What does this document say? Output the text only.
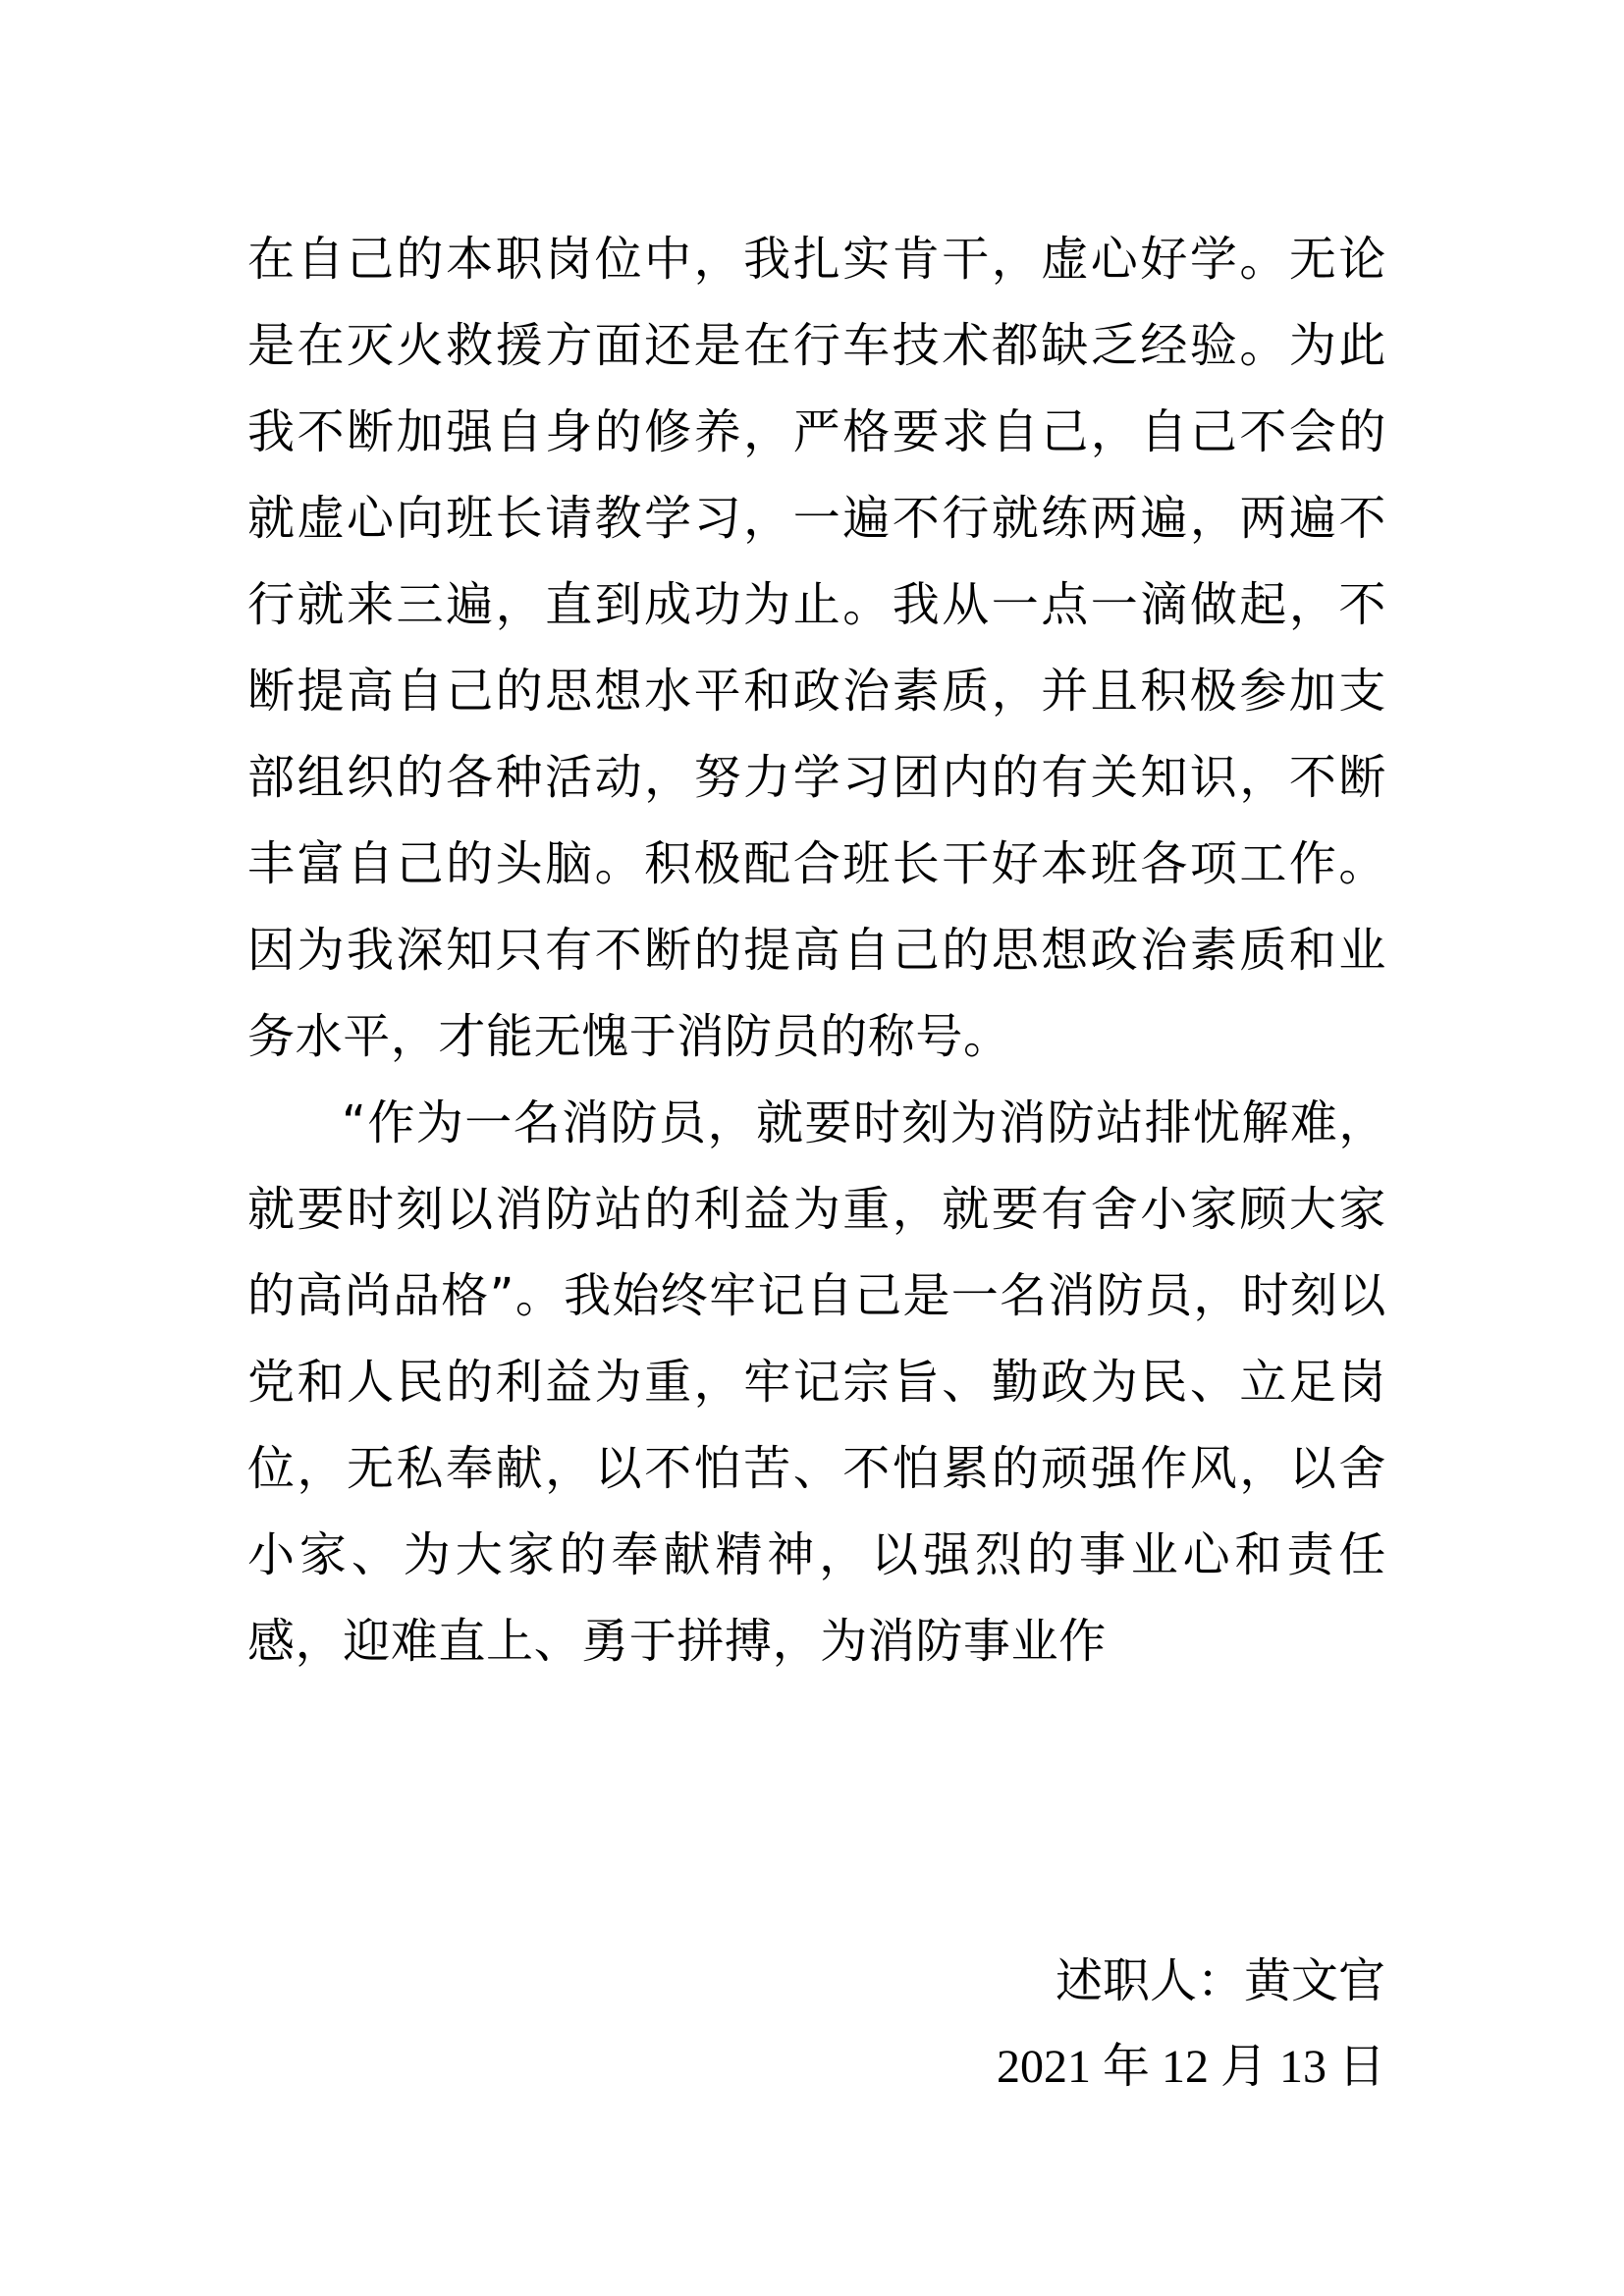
在自己的本职岗位中，我扎实肯干，虚心好学。无论是在灭火救援方面还是在行车技术都缺乏经验。为此我不断加强自身的修养，严格要求自己，自己不会的就虚心向班长请教学习，一遍不行就练两遍，两遍不行就来三遍，直到成功为止。我从一点一滴做起，不断提高自己的思想水平和政治素质，并且积极参加支部组织的各种活动，努力学习团内的有关知识，不断丰富自己的头脑。积极配合班长干好本班各项工作。因为我深知只有不断的提高自己的思想政治素质和业务水平，才能无愧于消防员的称号。

“作为一名消防员，就要时刻为消防站排忧解难，就要时刻以消防站的利益为重，就要有舍小家顾大家的高尚品格”。我始终牢记自己是一名消防员，时刻以党和人民的利益为重，牢记宗旨、勤政为民、立足岗位，无私奉献，以不怕苦、不怕累的顽强作风，以舍小家、为大家的奉献精神，以强烈的事业心和责任感，迎难直上、勇于拼搏，为消防事业作

述职人：黄文官
2021 年 12 月 13 日
